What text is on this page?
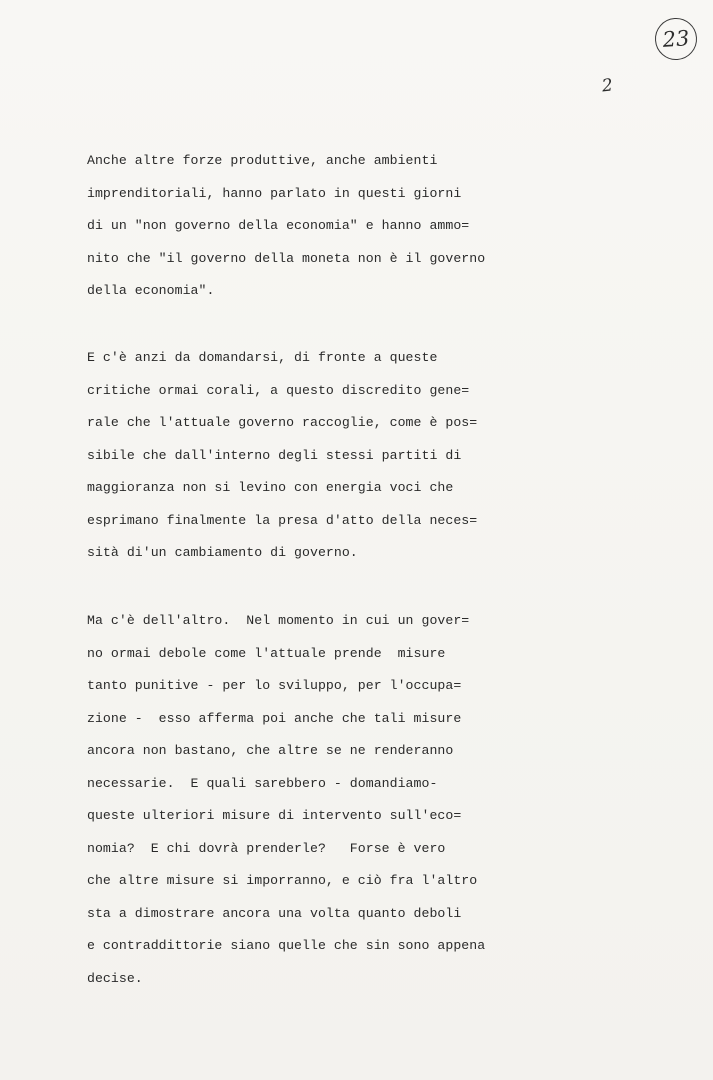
23
2
Anche altre forze produttive, anche ambienti
imprenditoriali, hanno parlato in questi giorni
di un "non governo della economia" e hanno ammo=
nito che "il governo della moneta non è il governo
della economia".
E c'è anzi da domandarsi, di fronte a queste
critiche ormai corali, a questo discredito gene=
rale che l'attuale governo raccoglie, come è pos=
sibile che dall'interno degli stessi partiti di
maggioranza non si levino con energia voci che
esprimano finalmente la presa d'atto della neces=
sità di'un cambiamento di governo.
Ma c'è dell'altro.  Nel momento in cui un gover=
no ormai debole come l'attuale prende  misure
tanto punitive - per lo sviluppo, per l'occupa=
zione -  esso afferma poi anche che tali misure
ancora non bastano, che altre se ne renderanno
necessarie.  E quali sarebbero - domandiamo-
queste ulteriori misure di intervento sull'eco=
nomia?  E chi dovrà prenderle?   Forse è vero
che altre misure si imporranno, e ciò fra l'altro
sta a dimostrare ancora una volta quanto deboli
e contraddittorie siano quelle che sin sono appena
decise.
